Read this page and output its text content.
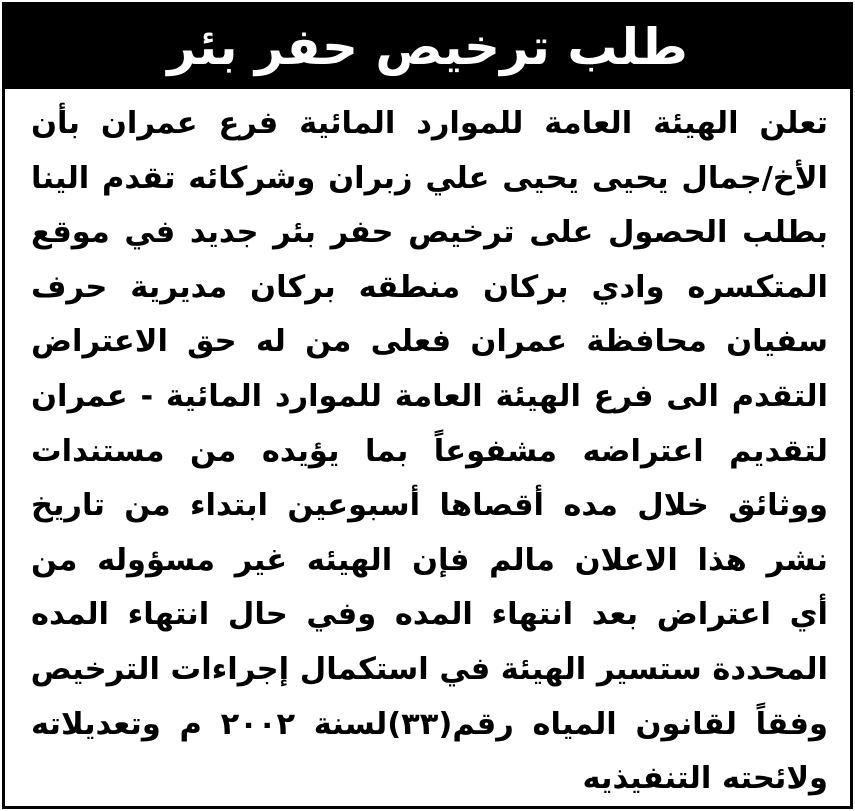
طلب ترخيص حفر بئر
تعلن الهيئة العامة للموارد المائية فرع عمران بأن
الأخ/جمال يحيى يحيى علي زبران وشركائه تقدم الينا
بطلب الحصول على ترخيص حفر بئر جديد في موقع
المتكسره وادي بركان منطقه بركان مديرية حرف
سفيان محافظة عمران فعلى من له حق الاعتراض
التقدم الى فرع الهيئة العامة للموارد المائية - عمران
لتقديم اعتراضه مشفوعاً بما يؤيده من مستندات
ووثائق خلال مده أقصاها أسبوعين ابتداء من تاريخ
نشر هذا الاعلان مالم فإن الهيئه غير مسؤوله من
أي اعتراض بعد انتهاء المده وفي حال انتهاء المده
المحددة ستسير الهيئة في استكمال إجراءات الترخيص
وفقاً لقانون المياه رقم(٣٣)لسنة ٢٠٠٢ م وتعديلاته
ولائحته التنفيذيه
